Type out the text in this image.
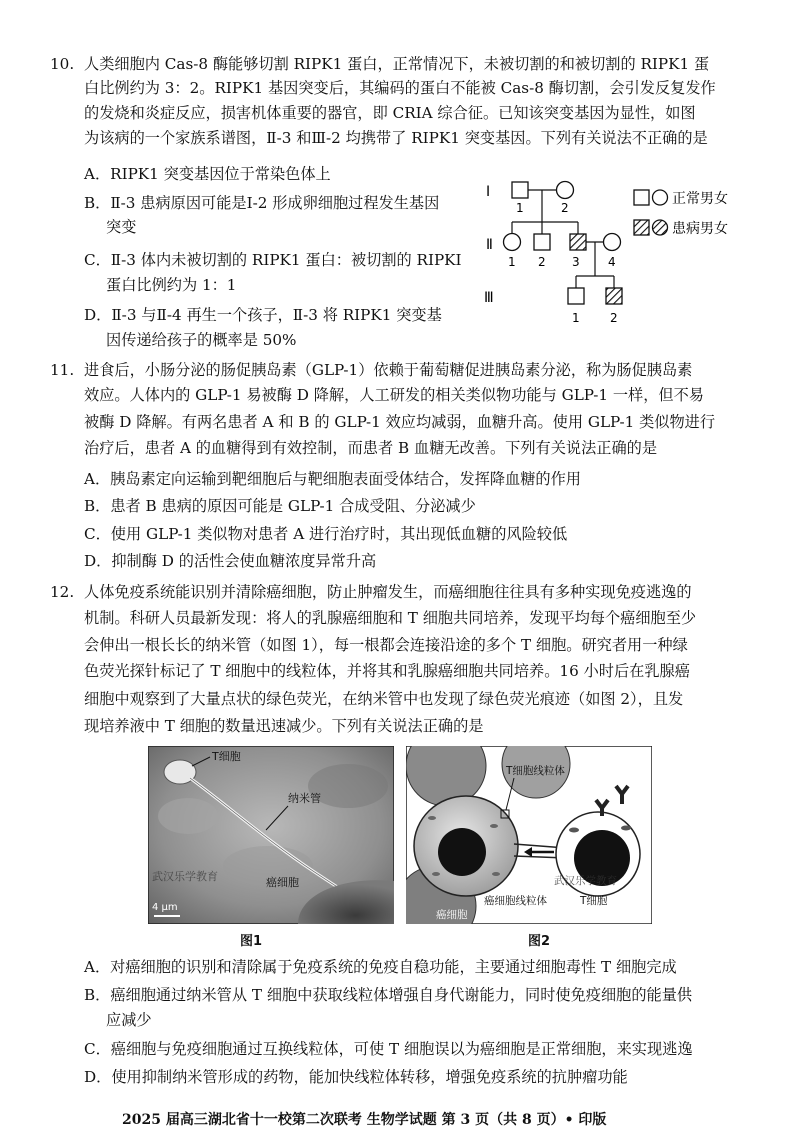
10. 人类细胞内 Cas-8 酶能够切割 RIPK1 蛋白，正常情况下，未被切割的和被切割的 RIPK1 蛋
白比例约为 3：2。RIPK1 基因突变后，其编码的蛋白不能被 Cas-8 酶切割，会引发反复发作
的发烧和炎症反应，损害机体重要的器官，即 CRIA 综合征。已知该突变基因为显性，如图
为该病的一个家族系谱图，Ⅱ-3 和Ⅲ-2 均携带了 RIPK1 突变基因。下列有关说法不正确的是
A．RIPK1 突变基因位于常染色体上
B．Ⅱ-3 患病原因可能是Ⅰ-2 形成卵细胞过程发生基因
突变
C．Ⅱ-3 体内未被切割的 RIPK1 蛋白：被切割的 RIPKI
蛋白比例约为 1：1
D．Ⅱ-3 与Ⅱ-4 再生一个孩子，Ⅱ-3 将 RIPK1 突变基
因传递给孩子的概率是 50%
Ⅰ
Ⅱ
Ⅲ
1	2
1 2 3 4
1	2
正常男女
患病男女
11. 进食后，小肠分泌的肠促胰岛素（GLP-1）依赖于葡萄糖促进胰岛素分泌，称为肠促胰岛素
效应。人体内的 GLP-1 易被酶 D 降解，人工研发的相关类似物功能与 GLP-1 一样，但不易
被酶 D 降解。有两名患者 A 和 B 的 GLP-1 效应均减弱，血糖升高。使用 GLP-1 类似物进行
治疗后，患者 A 的血糖得到有效控制，而患者 B 血糖无改善。下列有关说法正确的是
A．胰岛素定向运输到靶细胞后与靶细胞表面受体结合，发挥降血糖的作用
B．患者 B 患病的原因可能是 GLP-1 合成受阻、分泌减少
C．使用 GLP-1 类似物对患者 A 进行治疗时，其出现低血糖的风险较低
D．抑制酶 D 的活性会使血糖浓度异常升高
12. 人体免疫系统能识别并清除癌细胞，防止肿瘤发生，而癌细胞往往具有多种实现免疫逃逸的
机制。科研人员最新发现：将人的乳腺癌细胞和 T 细胞共同培养，发现平均每个癌细胞至少
会伸出一根长长的纳米管（如图 1），每一根都会连接沿途的多个 T 细胞。研究者用一种绿
色荧光探针标记了 T 细胞中的线粒体，并将其和乳腺癌细胞共同培养。16 小时后在乳腺癌
细胞中观察到了大量点状的绿色荧光，在纳米管中也发现了绿色荧光痕迹（如图 2），且发
现培养液中 T 细胞的数量迅速减少。下列有关说法正确的是
T细胞
纳米管
武汉乐学教育	癌细胞
4 μm
图1
T细胞线粒体
武汉乐学教育
癌细胞线粒体
癌细胞
T细胞
图2
A．对癌细胞的识别和清除属于免疫系统的免疫自稳功能，主要通过细胞毒性 T 细胞完成
B．癌细胞通过纳米管从 T 细胞中获取线粒体增强自身代谢能力，同时使免疫细胞的能量供
应减少
C．癌细胞与免疫细胞通过互换线粒体，可使 T 细胞误以为癌细胞是正常细胞，来实现逃逸
D．使用抑制纳米管形成的药物，能加快线粒体转移，增强免疫系统的抗肿瘤功能
2025 届高三湖北省十一校第二次联考 生物学试题 第 3 页（共 8 页）• 印版
